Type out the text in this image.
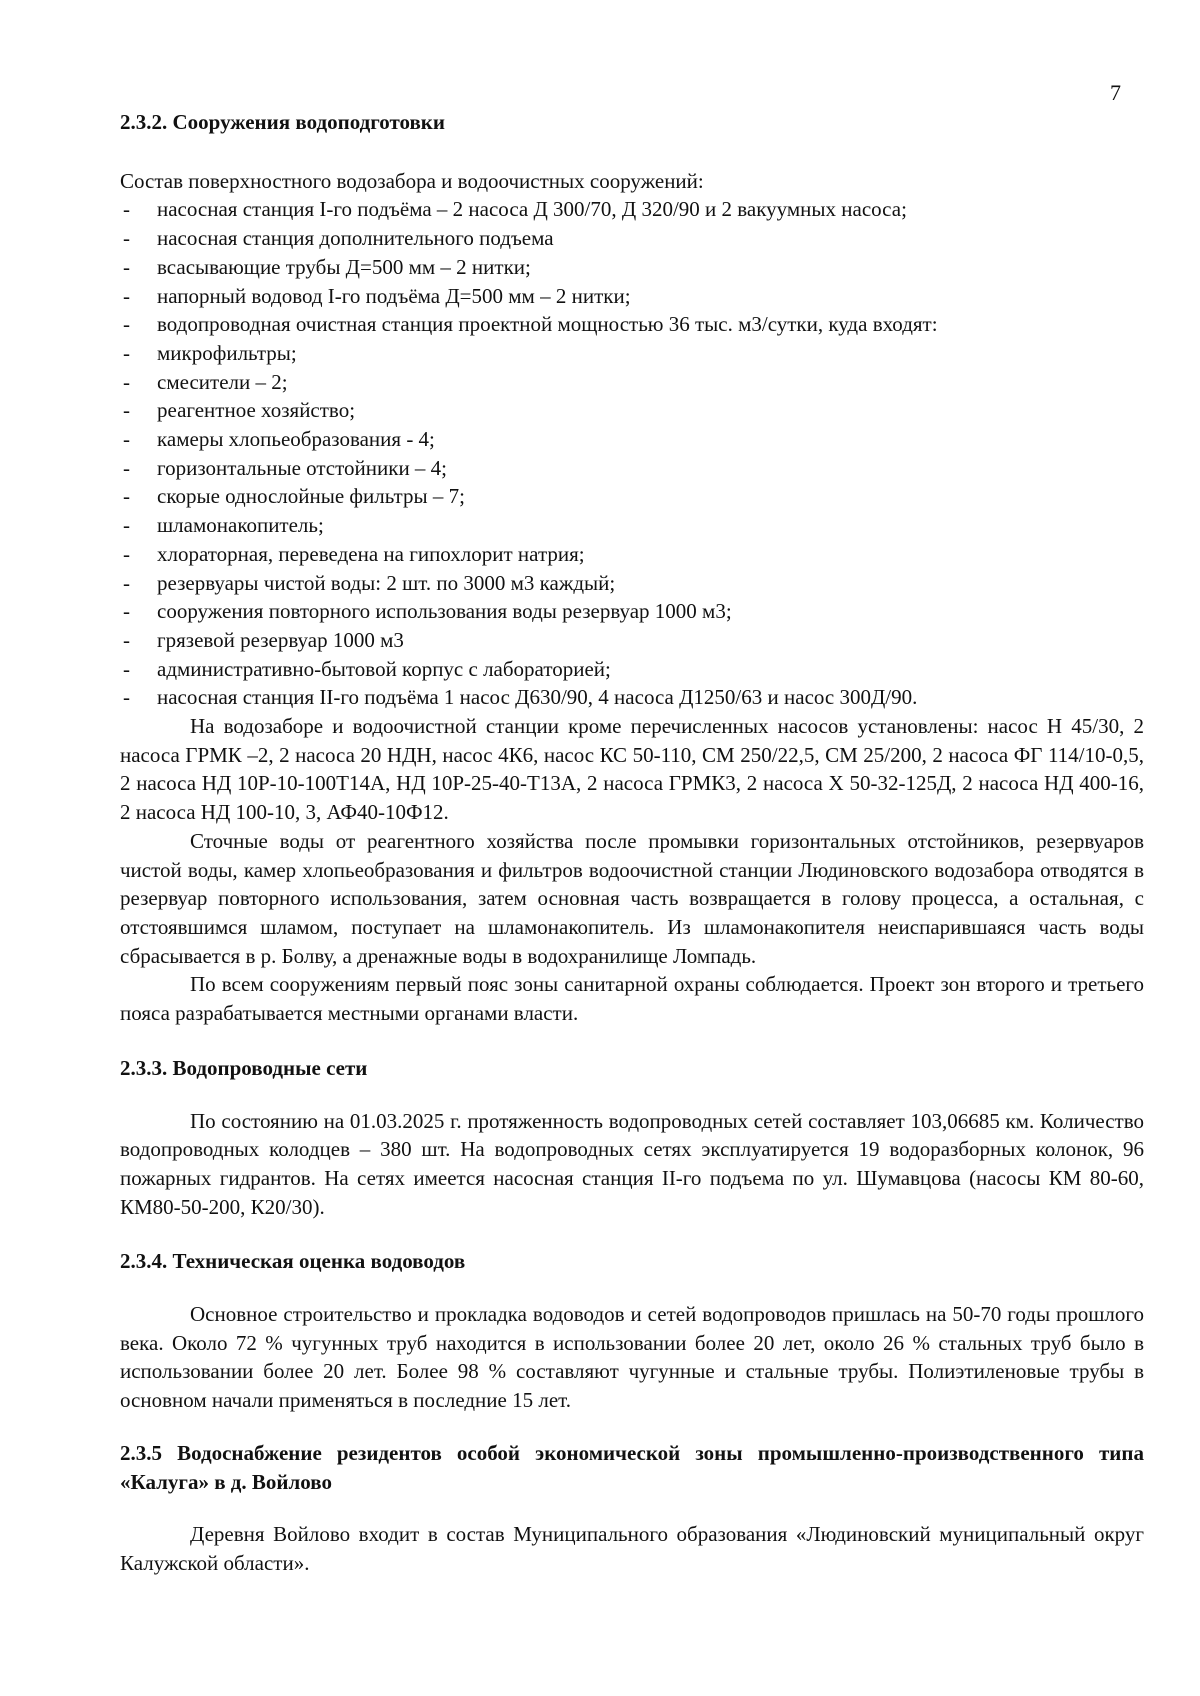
7

2.3.2. Сооружения водоподготовки

Состав поверхностного водозабора и водоочистных сооружений:

- насосная станция I-го подъёма – 2 насоса Д 300/70, Д 320/90 и 2 вакуумных насоса;
- насосная станция дополнительного подъема
- всасывающие трубы Д=500 мм – 2 нитки;
- напорный водовод I-го подъёма Д=500 мм – 2 нитки;
- водопроводная очистная станция проектной мощностью 36 тыс. м3/сутки, куда входят:
- микрофильтры;
- смесители – 2;
- реагентное хозяйство;
- камеры хлопьеобразования - 4;
- горизонтальные отстойники – 4;
- скорые однослойные фильтры – 7;
- шламонакопитель;
- хлораторная, переведена на гипохлорит натрия;
- резервуары чистой воды: 2 шт. по 3000 м3 каждый;
- сооружения повторного использования воды резервуар 1000 м3;
- грязевой резервуар 1000 м3
- административно-бытовой корпус с лабораторией;
- насосная станция II-го подъёма 1 насос Д630/90, 4 насоса Д1250/63 и насос 300Д/90.

На водозаборе и водоочистной станции кроме перечисленных насосов установлены: насос Н 45/30, 2 насоса ГРМК –2, 2 насоса 20 НДН, насос 4К6, насос КС 50-110, СМ 250/22,5, СМ 25/200, 2 насоса ФГ 114/10-0,5, 2 насоса НД 10Р-10-100Т14А, НД 10Р-25-40-Т13А, 2 насоса ГРМК3, 2 насоса Х 50-32-125Д, 2 насоса НД 400-16, 2 насоса НД 100-10, 3, АФ40-10Ф12.

Сточные воды от реагентного хозяйства после промывки горизонтальных отстойников, резервуаров чистой воды, камер хлопьеобразования и фильтров водоочистной станции Людиновского водозабора отводятся в резервуар повторного использования, затем основная часть возвращается в голову процесса, а остальная, с отстоявшимся шламом, поступает на шламонакопитель. Из шламонакопителя неиспарившаяся часть воды сбрасывается в р. Болву, а дренажные воды в водохранилище Ломпадь.

По всем сооружениям первый пояс зоны санитарной охраны соблюдается. Проект зон второго и третьего пояса разрабатывается местными органами власти.

2.3.3. Водопроводные сети

По состоянию на 01.03.2025 г. протяженность водопроводных сетей составляет 103,06685 км. Количество водопроводных колодцев – 380 шт. На водопроводных сетях эксплуатируется 19 водоразборных колонок, 96 пожарных гидрантов. На сетях имеется насосная станция II-го подъема по ул. Шумавцова (насосы КМ 80-60, КМ80-50-200, К20/30).

2.3.4. Техническая оценка водоводов

Основное строительство и прокладка водоводов и сетей водопроводов пришлась на 50-70 годы прошлого века. Около 72 % чугунных труб находится в использовании более 20 лет, около 26 % стальных труб было в использовании более 20 лет. Более 98 % составляют чугунные и стальные трубы. Полиэтиленовые трубы в основном начали применяться в последние 15 лет.

2.3.5 Водоснабжение резидентов особой экономической зоны промышленно-производственного типа «Калуга» в д. Войлово

Деревня Войлово входит в состав Муниципального образования «Людиновский муниципальный округ Калужской области».
